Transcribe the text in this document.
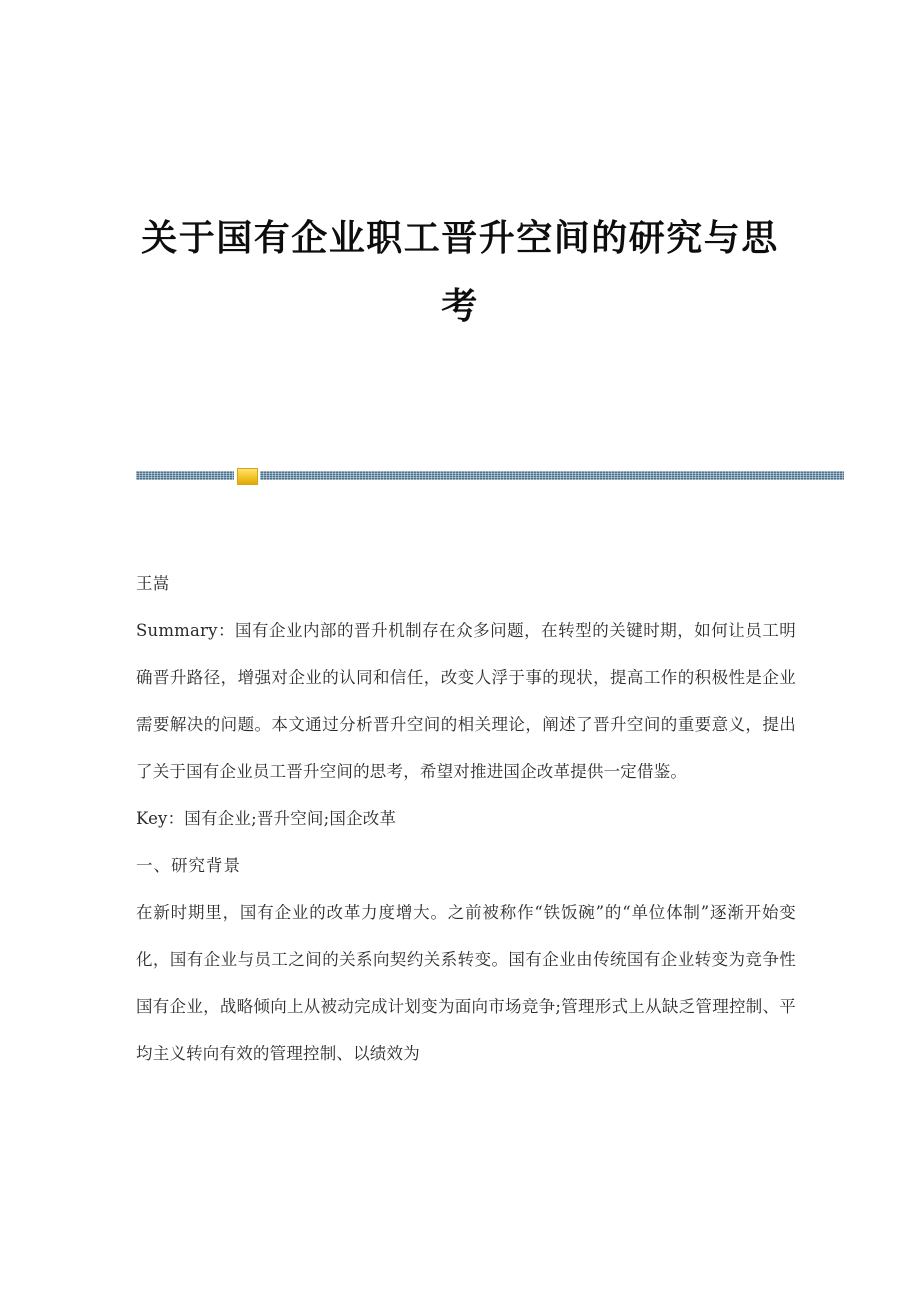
关于国有企业职工晋升空间的研究与思
考

王嵩

Summary：国有企业内部的晋升机制存在众多问题，在转型的关键时期，如何让员工明确晋升路径，增强对企业的认同和信任，改变人浮于事的现状，提高工作的积极性是企业需要解决的问题。本文通过分析晋升空间的相关理论，阐述了晋升空间的重要意义，提出了关于国有企业员工晋升空间的思考，希望对推进国企改革提供一定借鉴。

Key：国有企业;晋升空间;国企改革

一、研究背景

在新时期里，国有企业的改革力度增大。之前被称作“铁饭碗”的“单位体制”逐渐开始变化，国有企业与员工之间的关系向契约关系转变。国有企业由传统国有企业转变为竞争性国有企业，战略倾向上从被动完成计划变为面向市场竞争;管理形式上从缺乏管理控制、平均主义转向有效的管理控制、以绩效为
